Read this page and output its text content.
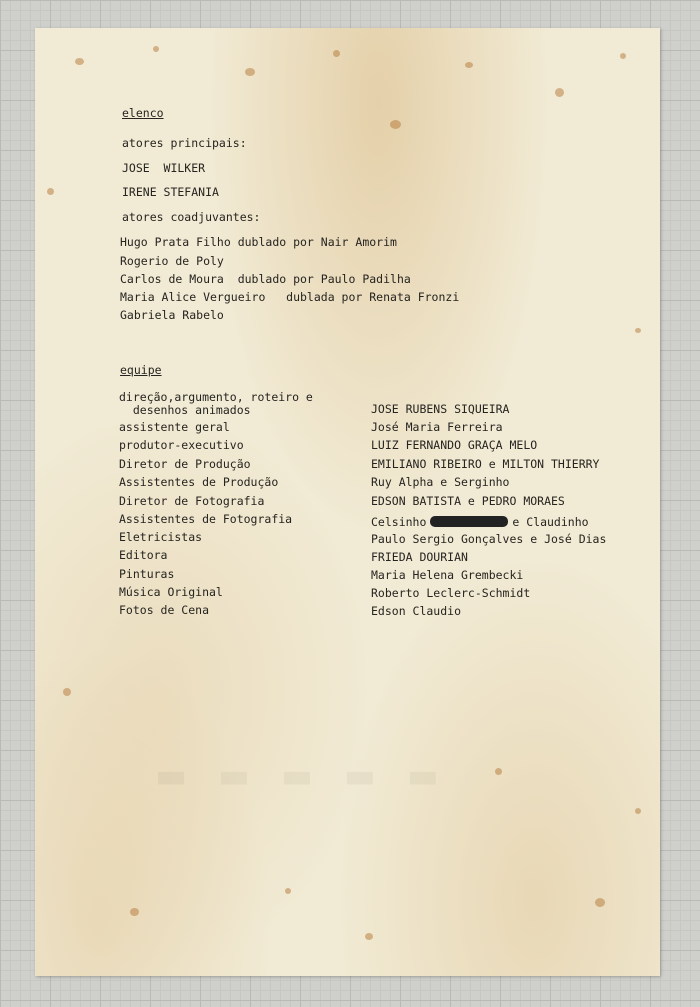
▬ ▬ ▬ ▬ ▬
elenco
atores principais:
JOSE  WILKER
IRENE STEFANIA
atores coadjuvantes:
Hugo Prata Filho dublado por Nair Amorim
Rogerio de Poly
Carlos de Moura  dublado por Paulo Padilha
Maria Alice Vergueiro   dublada por Renata Fronzi
Gabriela Rabelo
equipe
direção,argumento, roteiro e
desenhos animados	JOSE RUBENS SIQUEIRA
assistente geral	José Maria Ferreira
produtor-executivo	LUIZ FERNANDO GRAÇA MELO
Diretor de Produção	EMILIANO RIBEIRO e MILTON THIERRY
Assistentes de Produção	Ruy Alpha e Serginho
Diretor de Fotografia	EDSON BATISTA e PEDRO MORAES
Assistentes de Fotografia	Celsinho	e Claudinho
Eletricistas	Paulo Sergio Gonçalves e José Dias
Editora	FRIEDA DOURIAN
Pinturas	Maria Helena Grembecki
Música Original	Roberto Leclerc-Schmidt
Fotos de Cena	Edson Claudio
